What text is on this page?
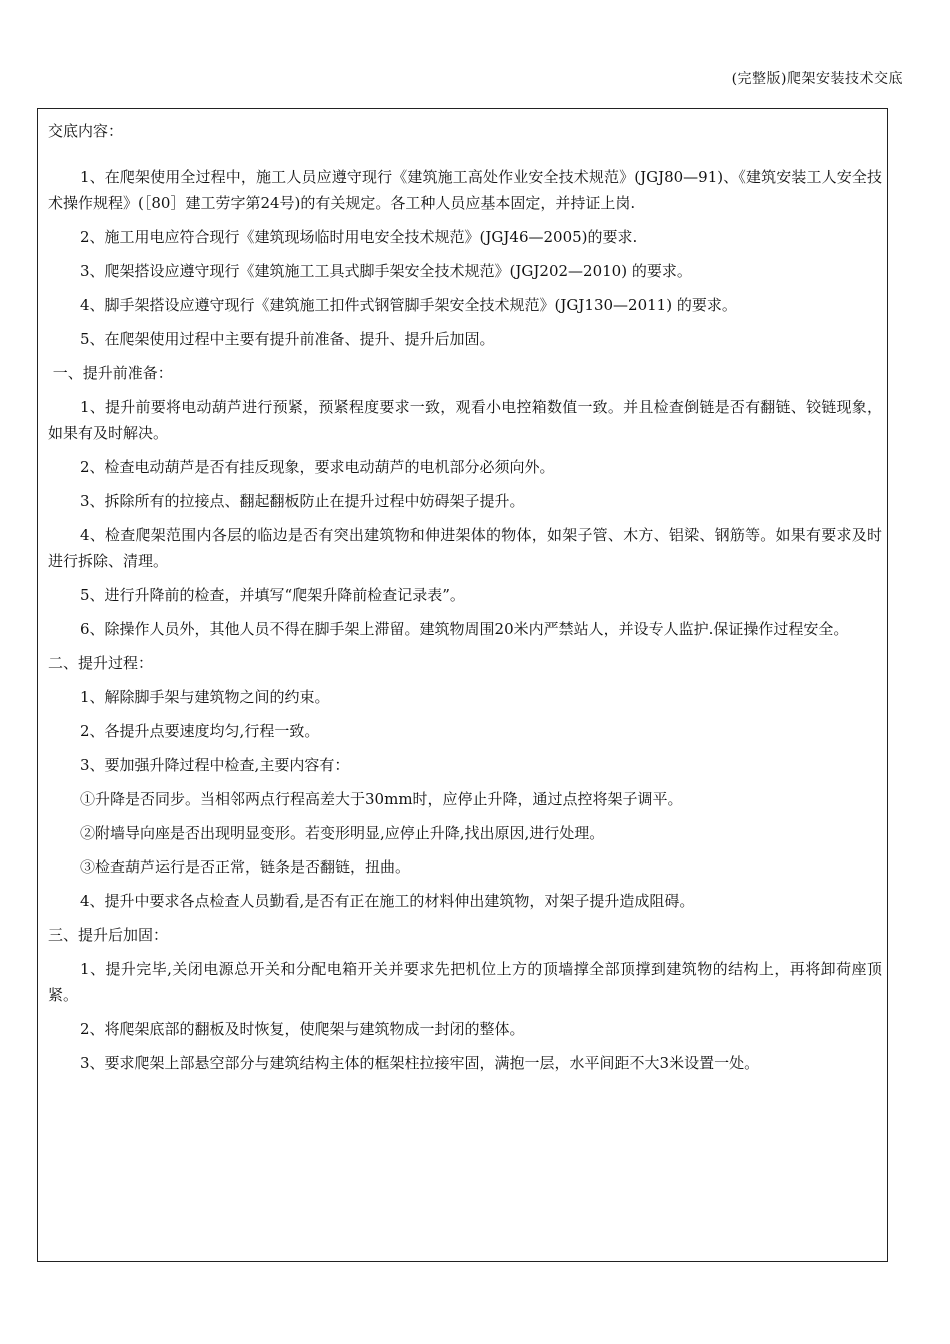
(完整版)爬架安装技术交底

交底内容：

1、在爬架使用全过程中，施工人员应遵守现行《建筑施工高处作业安全技术规范》(JGJ80—91)、《建筑安装工人安全技术操作规程》(［80］建工劳字第24号)的有关规定。各工种人员应基本固定，并持证上岗.

2、施工用电应符合现行《建筑现场临时用电安全技术规范》(JGJ46—2005)的要求.

3、爬架搭设应遵守现行《建筑施工工具式脚手架安全技术规范》(JGJ202—2010) 的要求。

4、脚手架搭设应遵守现行《建筑施工扣件式钢管脚手架安全技术规范》(JGJ130—2011) 的要求。

5、在爬架使用过程中主要有提升前准备、提升、提升后加固。

一、提升前准备：

1、提升前要将电动葫芦进行预紧，预紧程度要求一致，观看小电控箱数值一致。并且检查倒链是否有翻链、铰链现象，如果有及时解决。

2、检查电动葫芦是否有挂反现象，要求电动葫芦的电机部分必须向外。

3、拆除所有的拉接点、翻起翻板防止在提升过程中妨碍架子提升。

4、检查爬架范围内各层的临边是否有突出建筑物和伸进架体的物体，如架子管、木方、铝梁、钢筋等。如果有要求及时进行拆除、清理。

5、进行升降前的检查，并填写“爬架升降前检查记录表”。

6、除操作人员外，其他人员不得在脚手架上滞留。建筑物周围20米内严禁站人，并设专人监护.保证操作过程安全。

二、提升过程：

1、解除脚手架与建筑物之间的约束。

2、各提升点要速度均匀,行程一致。

3、要加强升降过程中检查,主要内容有：

①升降是否同步。当相邻两点行程高差大于30mm时，应停止升降，通过点控将架子调平。

②附墙导向座是否出现明显变形。若变形明显,应停止升降,找出原因,进行处理。

③检查葫芦运行是否正常，链条是否翻链，扭曲。

4、提升中要求各点检查人员勤看,是否有正在施工的材料伸出建筑物，对架子提升造成阻碍。

三、提升后加固：

1、提升完毕,关闭电源总开关和分配电箱开关并要求先把机位上方的顶墙撑全部顶撑到建筑物的结构上，再将卸荷座顶紧。

2、将爬架底部的翻板及时恢复，使爬架与建筑物成一封闭的整体。

3、要求爬架上部悬空部分与建筑结构主体的框架柱拉接牢固，满抱一层，水平间距不大3米设置一处。
